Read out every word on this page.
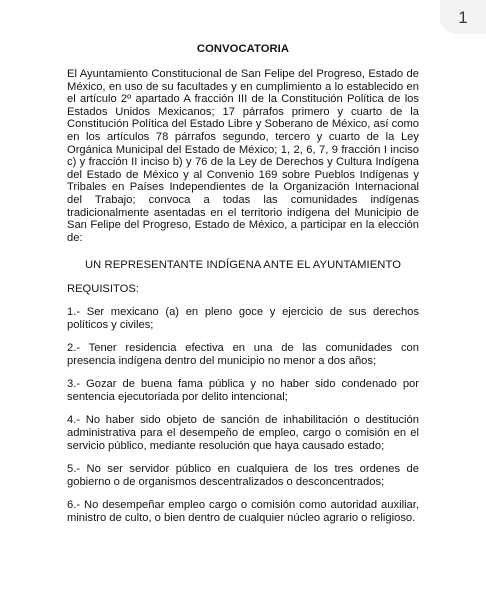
1
CONVOCATORIA

El Ayuntamiento Constitucional de San Felipe del Progreso, Estado de México, en uso de su facultades y en cumplimiento a lo establecido en el artículo 2º apartado A fracción III de la Constitución Política de los Estados Unidos Mexicanos; 17 párrafos primero y cuarto de la Constitución Política del Estado Libre y Soberano de México, así como en los artículos 78 párrafos segundo, tercero y cuarto de la Ley Orgánica Municipal del Estado de México; 1, 2, 6, 7, 9 fracción I inciso c) y fracción II inciso b) y 76 de la Ley de Derechos y Cultura Indígena del Estado de México y al Convenio 169 sobre Pueblos Indígenas y Tribales en Países Independientes de la Organización Internacional del Trabajo; convoca a todas las comunidades indígenas tradicionalmente asentadas en el territorio indígena del Municipio de San Felipe del Progreso, Estado de México, a participar en la elección de:

UN REPRESENTANTE INDÍGENA ANTE EL AYUNTAMIENTO
REQUISITOS:
1.- Ser mexicano (a) en pleno goce y ejercicio de sus derechos políticos y civiles;
2.- Tener residencia efectiva en una de las comunidades con presencia indígena dentro del municipio no menor a dos años;
3.- Gozar de buena fama pública y no haber sido condenado por sentencia ejecutoriada por delito intencional;
4.- No haber sido objeto de sanción de inhabilitación o destitución administrativa para el desempeño de empleo, cargo o comisión en el servicio público, mediante resolución que haya causado estado;
5.- No ser servidor público en cualquiera de los tres ordenes de gobierno o de organismos descentralizados o desconcentrados;
6.- No desempeñar empleo cargo o comisión como autoridad auxiliar, ministro de culto, o bien dentro de cualquier núcleo agrario o religioso.
